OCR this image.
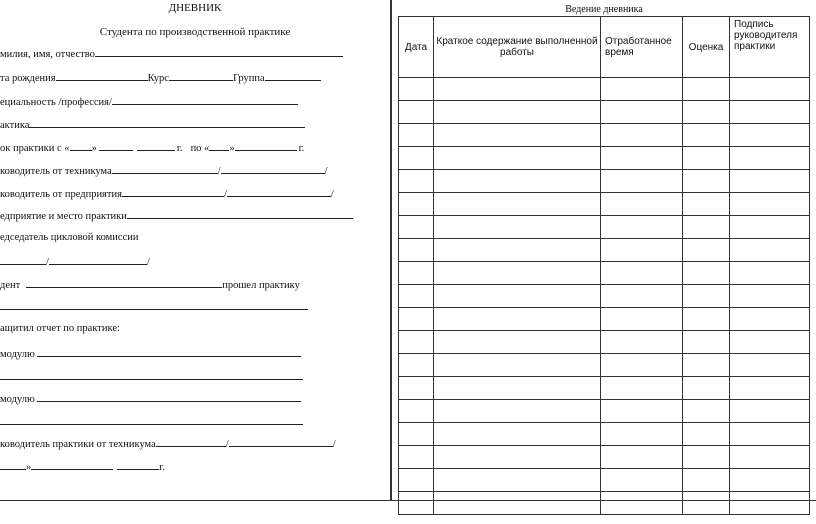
ДНЕВНИК
Студента по производственной практике
милия, имя, отчество
та рождения	Курс	Группа
ециальность /профессия/
актика
ок практики с « »	г. по « »	г.
ководитель от техникума	/	/
ководитель от предприятия	/	/
едприятие и место практики
едседатель цикловой комиссии
/	/
дент	прошел практику
ащитил отчет по практике:
модулю
модулю
ководитель практики от техникума	/	/
»	г.
Ведение дневника
Дата	Краткое содержание выполненной работы	Отработанное время	Оценка	Подпись руководителя практики
